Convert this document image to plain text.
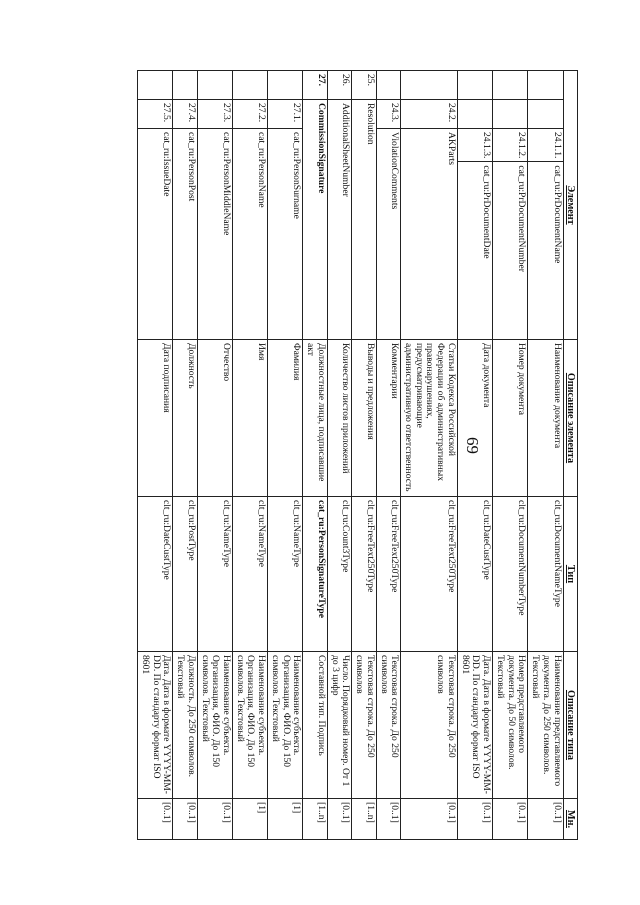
69
Элемент				Описание элемента	Тип	Описание типа	Мн.
		24.1.1.	cat_ru:PrDocumentName	Наименование документа	clt_ru:DocumentNameType	Наименование представляемого документа. До 250 символов. Текстовый	[0..1]
		24.1.2.	cat_ru:PrDocumentNumber	Номер документа	clt_ru:DocumentNumberType	Номер представляемого документа. До 50 символов. Текстовый	[0..1]
		24.1.3.	cat_ru:PrDocumentDate	Дата документа	clt_ru:DateCustType	Дата. Дата в формате YYYY-MM-DD. По стандарту формат ISO 8601	[0..1]
	24.2.	AKParts		Статьи Кодекса Российской Федерации об административных правонарушениях, предусматривающие административную ответственность	clt_ru:FreeText250Type	Текстовая строка. До 250 символов	[0..1]
	24.3.	ViolationComments		Комментарии	clt_ru:FreeText250Type	Текстовая строка. До 250 символов	[0..1]
25.	Resolution			Выводы и предложения	clt_ru:FreeText250Type	Текстовая строка. До 250 символов	[1..n]
26.	AdditionalSheetNumber			Количество листов приложений	clt_ru:Count3Type	Число. Порядковый номер. От 1 до 3 цифр	[0..1]
27.	CommissionSignature			Должностные лица, подписавшие акт	cat_ru:PersonSignatureType	Составной тип. Подпись	[1..n]
	27.1.	cat_ru:PersonSurname		Фамилия	clt_ru:NameType	Наименование субъекта. Организация, ФИО. До 150 символов. Текстовый	[1]
	27.2.	cat_ru:PersonName		Имя	clt_ru:NameType	Наименование субъекта. Организация, ФИО. До 150 символов. Текстовый	[1]
	27.3.	cat_ru:PersonMiddleName		Отчество	clt_ru:NameType	Наименование субъекта. Организация, ФИО. До 150 символов. Текстовый	[0..1]
	27.4.	cat_ru:PersonPost		Должность	clt_ru:PostType	Должность. До 250 символов. Текстовый	[0..1]
	27.5.	cat_ru:IssueDate		Дата подписания	clt_ru:DateCustType	Дата. Дата в формате YYYY-MM-DD. По стандарту формат ISO 8601	[0..1]
